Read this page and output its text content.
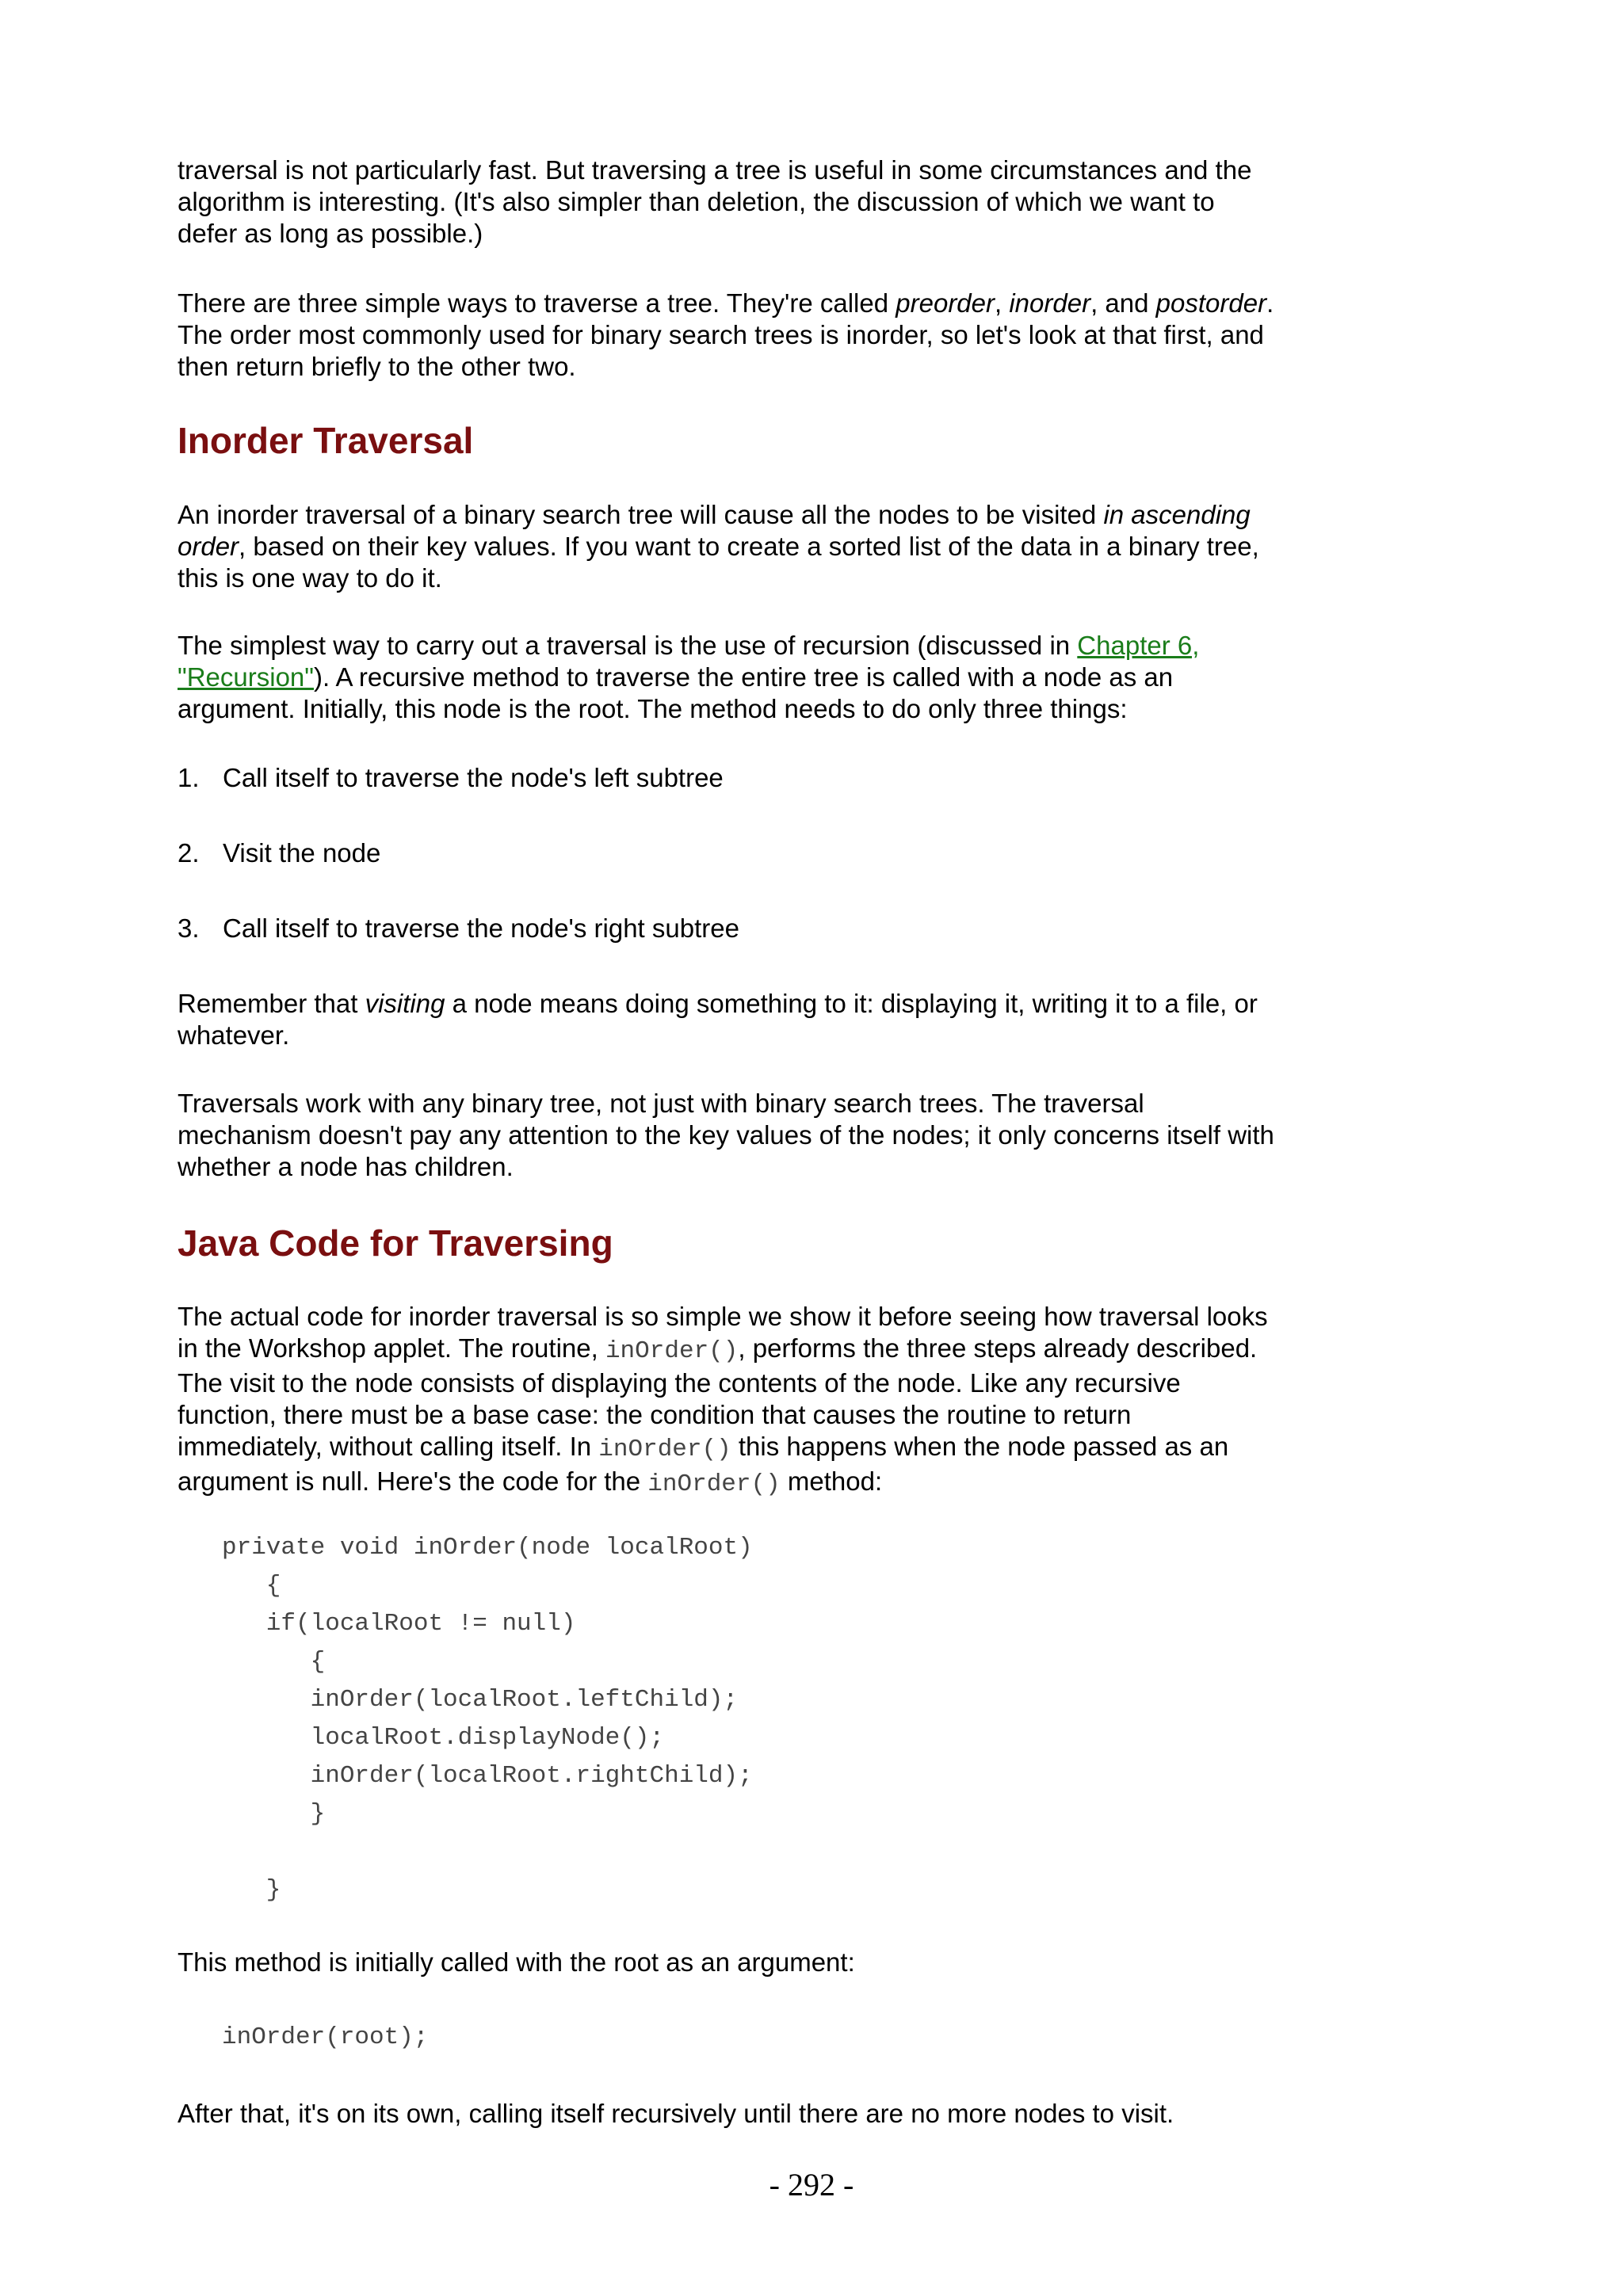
traversal is not particularly fast. But traversing a tree is useful in some circumstances and the algorithm is interesting. (It's also simpler than deletion, the discussion of which we want to defer as long as possible.)

There are three simple ways to traverse a tree. They're called preorder, inorder, and postorder. The order most commonly used for binary search trees is inorder, so let's look at that first, and then return briefly to the other two.

Inorder Traversal

An inorder traversal of a binary search tree will cause all the nodes to be visited in ascending order, based on their key values. If you want to create a sorted list of the data in a binary tree, this is one way to do it.

The simplest way to carry out a traversal is the use of recursion (discussed in Chapter 6, "Recursion"). A recursive method to traverse the entire tree is called with a node as an argument. Initially, this node is the root. The method needs to do only three things:

1. Call itself to traverse the node's left subtree

2. Visit the node

3. Call itself to traverse the node's right subtree

Remember that visiting a node means doing something to it: displaying it, writing it to a file, or whatever.

Traversals work with any binary tree, not just with binary search trees. The traversal mechanism doesn't pay any attention to the key values of the nodes; it only concerns itself with whether a node has children.

Java Code for Traversing

The actual code for inorder traversal is so simple we show it before seeing how traversal looks in the Workshop applet. The routine, inOrder(), performs the three steps already described. The visit to the node consists of displaying the contents of the node. Like any recursive function, there must be a base case: the condition that causes the routine to return immediately, without calling itself. In inOrder() this happens when the node passed as an argument is null. Here's the code for the inOrder() method:

private void inOrder(node localRoot)
{
if(localRoot != null)
{
inOrder(localRoot.leftChild);
localRoot.displayNode();
inOrder(localRoot.rightChild);
}

}

This method is initially called with the root as an argument:

inOrder(root);

After that, it's on its own, calling itself recursively until there are no more nodes to visit.

- 292 -
